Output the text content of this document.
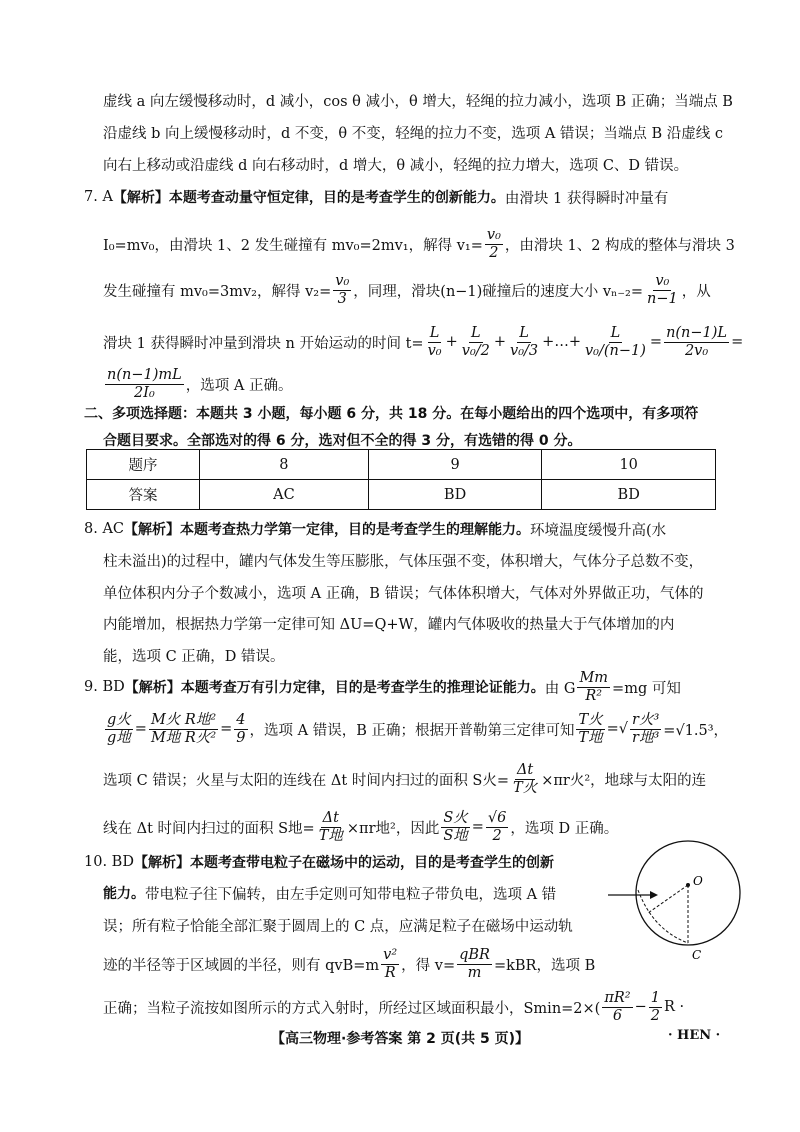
虚线 a 向左缓慢移动时，d 减小，cos θ 减小，θ 增大，轻绳的拉力减小，选项 B 正确；当端点 B
沿虚线 b 向上缓慢移动时，d 不变，θ 不变，轻绳的拉力不变，选项 A 错误；当端点 B 沿虚线 c
向右上移动或沿虚线 d 向右移动时，d 增大，θ 减小，轻绳的拉力增大，选项 C、D 错误。
7. A 【解析】本题考查动量守恒定律，目的是考查学生的创新能力。 由滑块 1 获得瞬时冲量有
I₀=mv₀，由滑块 1、2 发生碰撞有 mv₀=2mv₁，解得 $v_1= \frac{\text{v₀}}{2}$ ，由滑块 1、2 构成的整体与滑块 3
发生碰撞有 mv₀=3mv₂，解得 $v_2= \frac{\text{v₀}}{3}$ ，同理，滑块(n−1)碰撞后的速度大小 $v_{n-2}= \frac{\text{v₀}}{n-1}$ ，从
滑块 1 获得瞬时冲量到滑块 n 开始运动的时间 $t= \frac{L}{\text{v₀}} + \frac{L}{\text{v₀/2}} + \frac{L}{\text{v₀/3}}$ +…+ $\frac{L}{\text{v₀/(n−1)}} = \frac{n(n-1)L}{\text{2v₀}}$ =
$\frac{n(n-1)mL}{\text{2I₀}}$ ，选项 A 正确。
二、多项选择题：本题共 3 小题，每小题 6 分，共 18 分。在每小题给出的四个选项中，有多项符
合题目要求。全部选对的得 6 分，选对但不全的得 3 分，有选错的得 0 分。
8. AC 【解析】本题考查热力学第一定律，目的是考查学生的理解能力。 环境温度缓慢升高(水
柱未溢出)的过程中，罐内气体发生等压膨胀，气体压强不变，体积增大，气体分子总数不变，
单位体积内分子个数减小，选项 A 正确，B 错误；气体体积增大，气体对外界做正功，气体的
内能增加，根据热力学第一定律可知 ΔU=Q+W，罐内气体吸收的热量大于气体增加的内
能，选项 C 正确，D 错误。
9. BD 【解析】本题考查万有引力定律，目的是考查学生的推理论证能力。 由 G $\frac{Mm}{\text{R²}} =mg$ 可知
$\frac{\text{g火}}{\text{g地}} = \frac{\text{M火 R地²}}{\text{M地 R火²}} = \frac{4}{9}$ ，选项 A 错误，B 正确；根据开普勒第三定律可知 $\frac{\text{T火}}{\text{T地}}$ =√ $\frac{\text{r火³}}{\text{r地³}} =√1.5^3$，
选项 C 错误；火星与太阳的连线在 Δt 时间内扫过的面积 S火= $\frac{\Delta t}{\text{T火}} \times\pi r$火²，地球与太阳的连
线在 Δt 时间内扫过的面积 S地= $\frac{\Delta t}{\text{T地}} \times\pi r$地²，因此 $\frac{\text{S火}}{\text{S地}} = \frac{√6}{2}$ ，选项 D 正确。
10. BD 【解析】本题考查带电粒子在磁场中的运动，目的是考查学生的创新
能力。 带电粒子往下偏转，由左手定则可知带电粒子带负电，选项 A 错
误；所有粒子恰能全部汇聚于圆周上的 C 点，应满足粒子在磁场中运动轨
迹的半径等于区域圆的半径，则有 $qvB=m \frac{\text{v²}}{R}$ ，得 $v= \frac{\text{qBR}}{m} =kBR$，选项 B
正确；当粒子流按如图所示的方式入射时，所经过区域面积最小，$Smin=2\times( \frac{\text{πR²}}{6} - \frac{1}{2}$ R ·
题序	8	9	10
答案	AC	BD	BD
O
C
【高三物理·参考答案 第 2 页(共 5 页)】	· HEN ·
